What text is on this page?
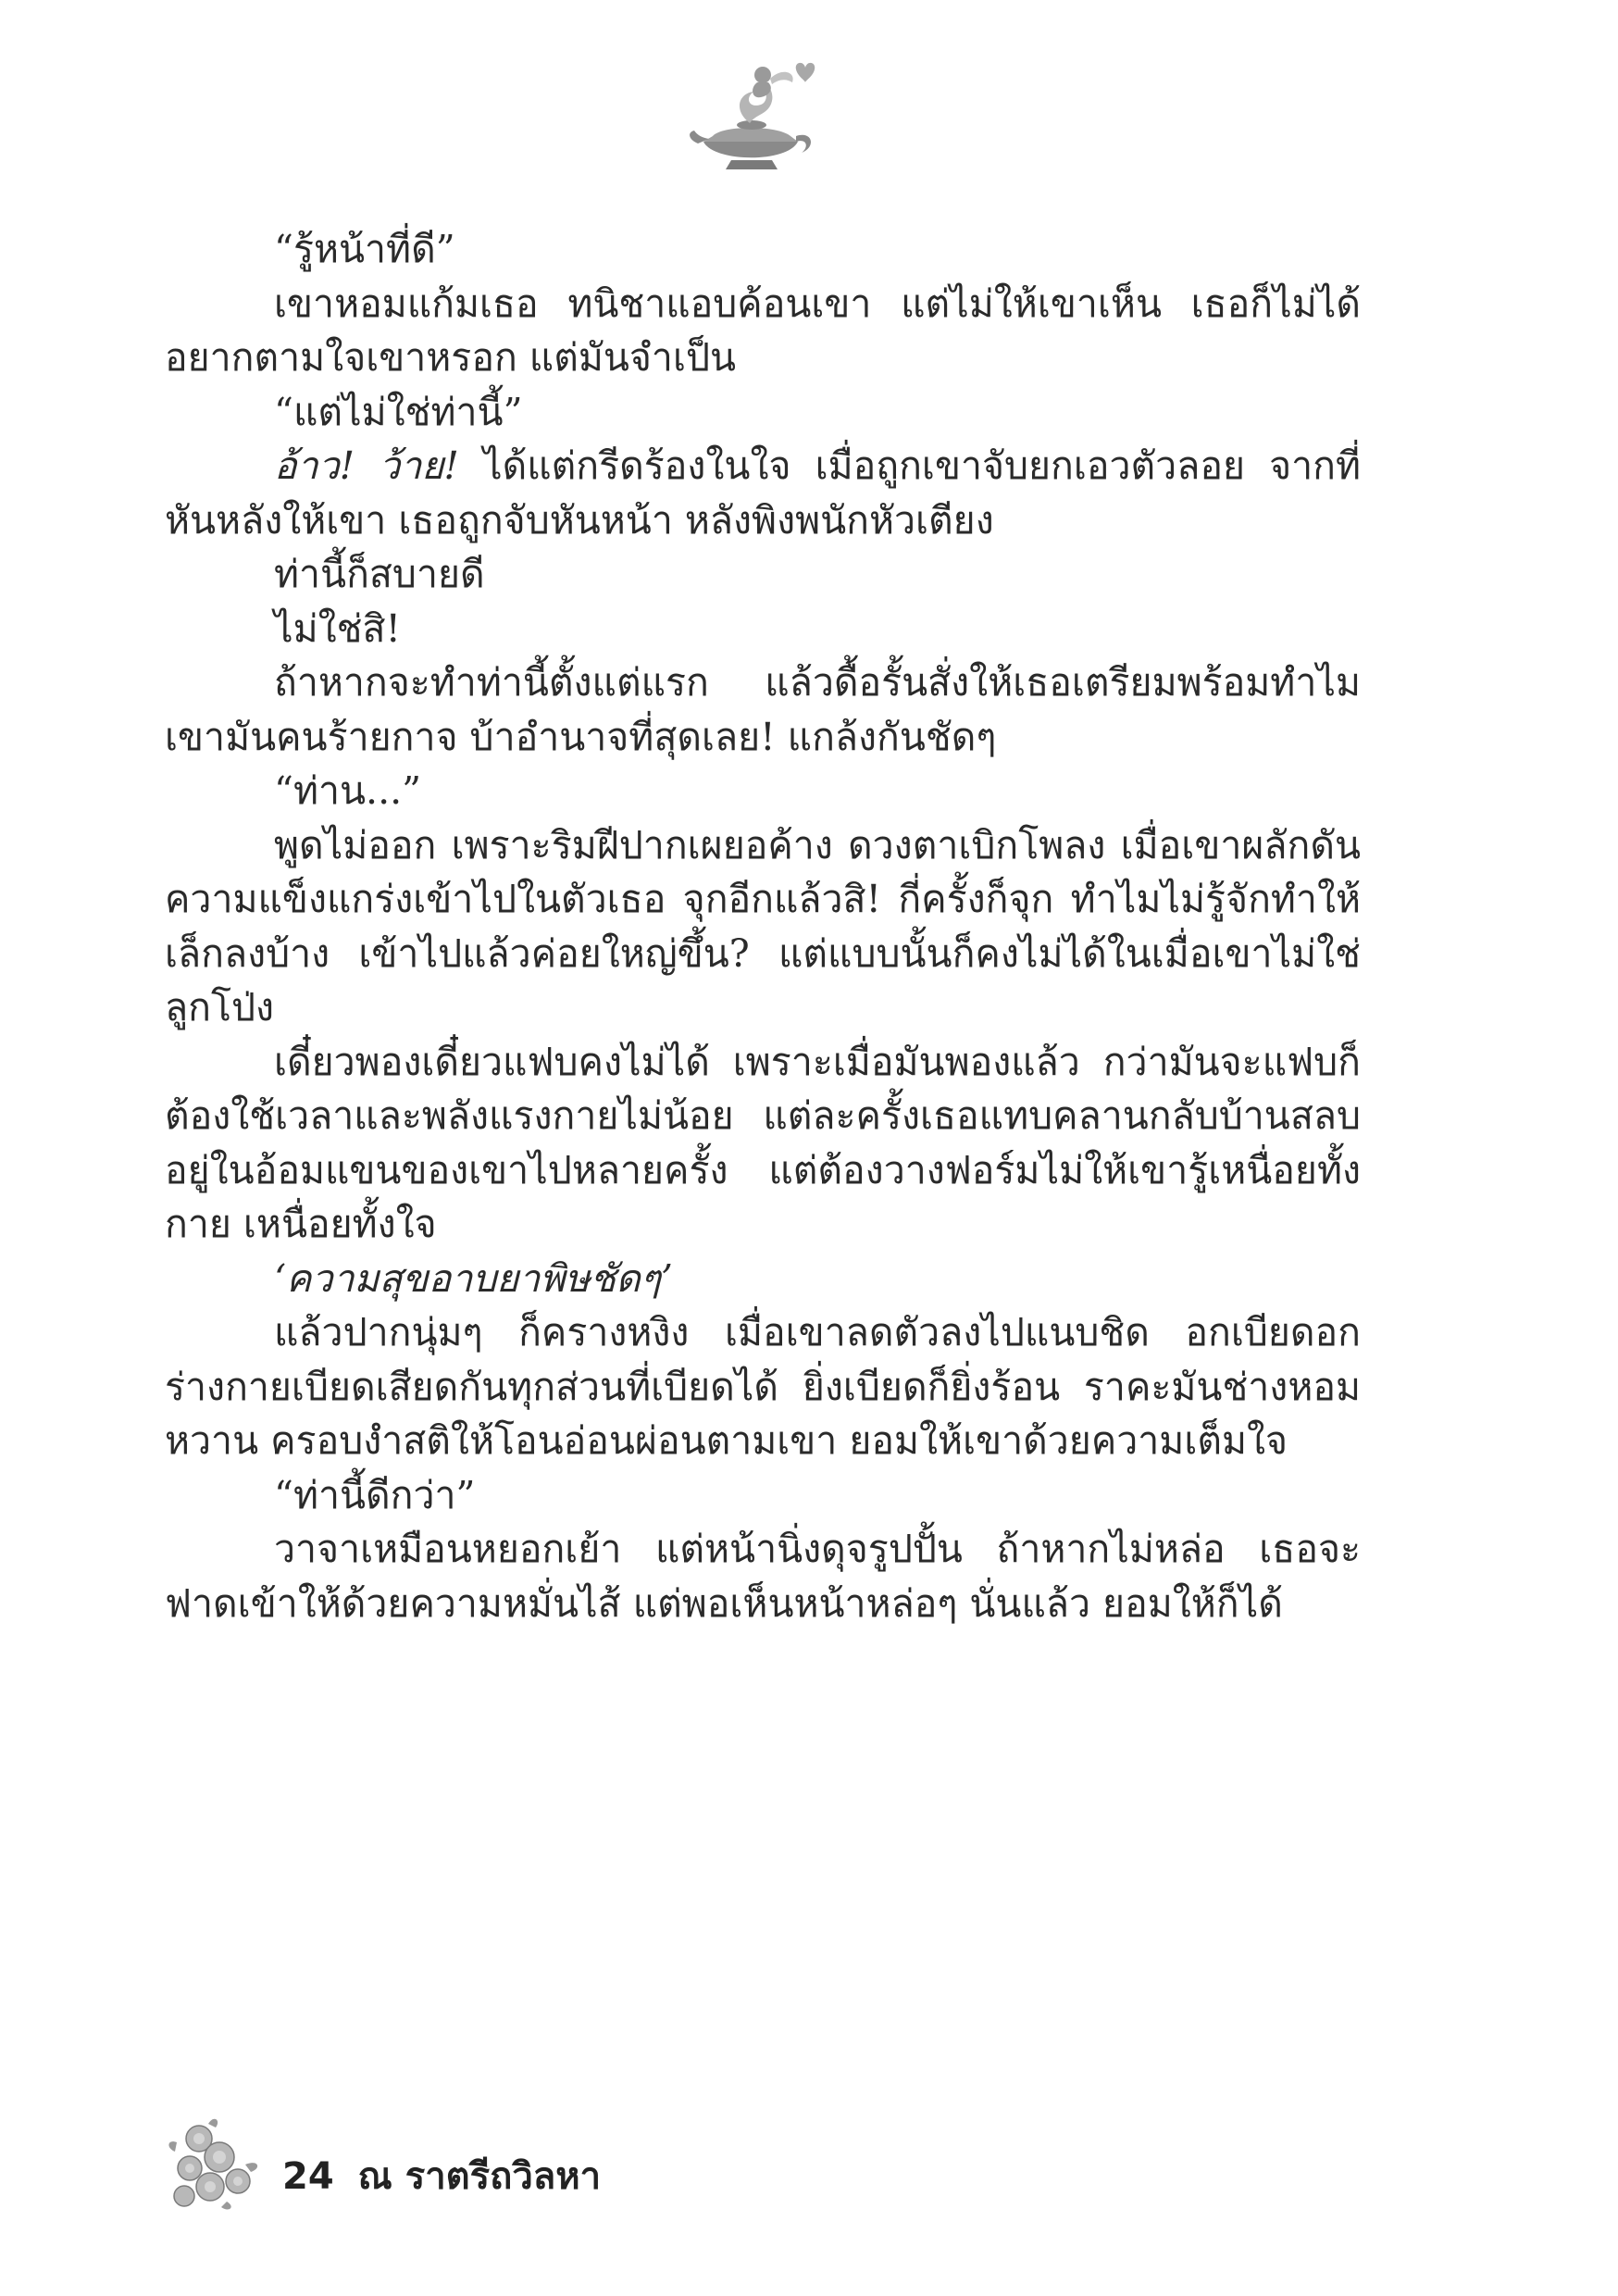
“รู้หน้าที่ดี”

เขาหอมแก้มเธอ ทนิชาแอบค้อนเขา แต่ไม่ให้เขาเห็น เธอก็ไม่ได้อยากตามใจเขาหรอก แต่มันจำเป็น

“แต่ไม่ใช่ท่านี้”

อ้าว! ว้าย! ได้แต่กรีดร้องในใจ เมื่อถูกเขาจับยกเอวตัวลอย จากที่หันหลังให้เขา เธอถูกจับหันหน้า หลังพิงพนักหัวเตียง

ท่านี้ก็สบายดี

ไม่ใช่สิ!

ถ้าหากจะทำท่านี้ตั้งแต่แรก แล้วดื้อรั้นสั่งให้เธอเตรียมพร้อมทำไม เขามันคนร้ายกาจ บ้าอำนาจที่สุดเลย! แกล้งกันชัดๆ

“ท่าน...”

พูดไม่ออก เพราะริมฝีปากเผยอค้าง ดวงตาเบิกโพลง เมื่อเขาผลักดันความแข็งแกร่งเข้าไปในตัวเธอ จุกอีกแล้วสิ! กี่ครั้งก็จุก ทำไมไม่รู้จักทำให้เล็กลงบ้าง เข้าไปแล้วค่อยใหญ่ขึ้น? แต่แบบนั้นก็คงไม่ได้ในเมื่อเขาไม่ใช่ลูกโป่ง

เดี๋ยวพองเดี๋ยวแฟบคงไม่ได้ เพราะเมื่อมันพองแล้ว กว่ามันจะแฟบก็ต้องใช้เวลาและพลังแรงกายไม่น้อย แต่ละครั้งเธอแทบคลานกลับบ้านสลบอยู่ในอ้อมแขนของเขาไปหลายครั้ง แต่ต้องวางฟอร์มไม่ให้เขารู้เหนื่อยทั้งกาย เหนื่อยทั้งใจ

‘ความสุขอาบยาพิษชัดๆ’

แล้วปากนุ่มๆ ก็ครางหงิง เมื่อเขาลดตัวลงไปแนบชิด อกเบียดอก ร่างกายเบียดเสียดกันทุกส่วนที่เบียดได้ ยิ่งเบียดก็ยิ่งร้อน ราคะมันช่างหอมหวาน ครอบงำสติให้โอนอ่อนผ่อนตามเขา ยอมให้เขาด้วยความเต็มใจ

“ท่านี้ดีกว่า”

วาจาเหมือนหยอกเย้า แต่หน้านิ่งดุจรูปปั้น ถ้าหากไม่หล่อ เธอจะฟาดเข้าให้ด้วยความหมั่นไส้ แต่พอเห็นหน้าหล่อๆ นั่นแล้ว ยอมให้ก็ได้

24 ณ ราตรีถวิลหา
